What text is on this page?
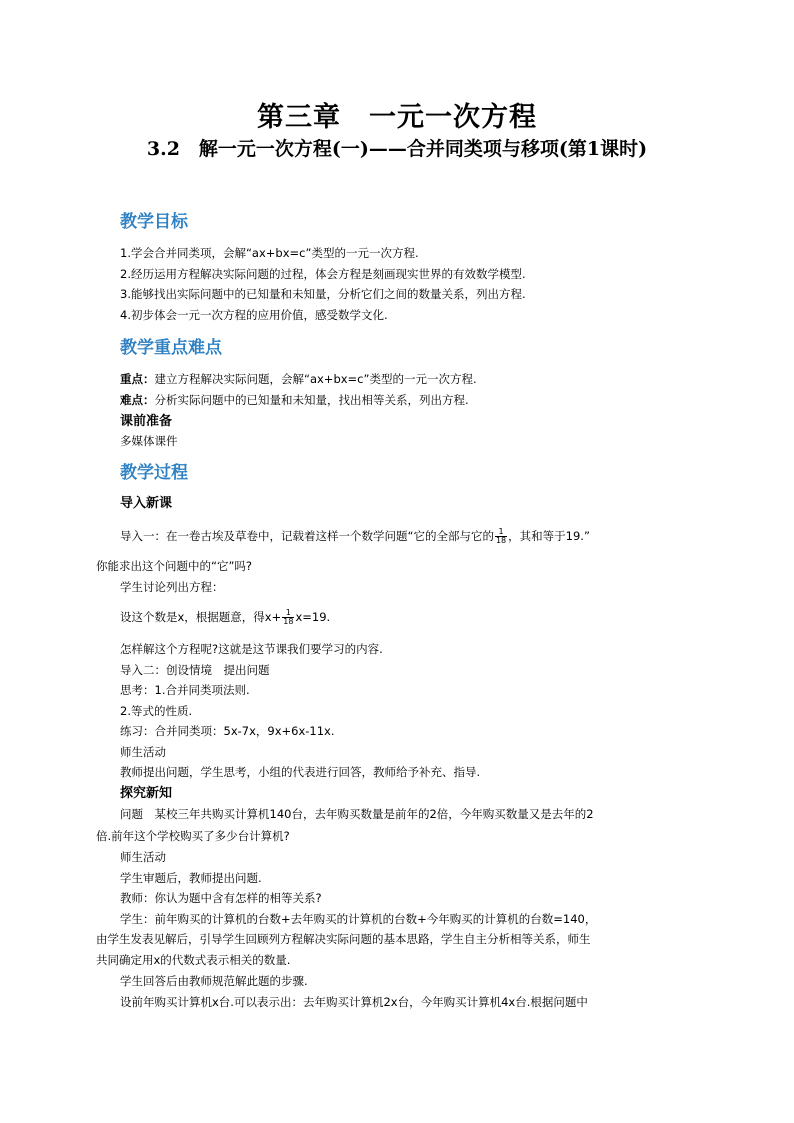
第三章　一元一次方程
3.2　解一元一次方程(一)——合并同类项与移项(第1课时)
教学目标
1.学会合并同类项，会解“ax+bx=c”类型的一元一次方程.
2.经历运用方程解决实际问题的过程，体会方程是刻画现实世界的有效数学模型.
3.能够找出实际问题中的已知量和未知量，分析它们之间的数量关系，列出方程.
4.初步体会一元一次方程的应用价值，感受数学文化.
教学重点难点
重点：建立方程解决实际问题，会解“ax+bx=c”类型的一元一次方程.
难点：分析实际问题中的已知量和未知量，找出相等关系，列出方程.
课前准备
多媒体课件
教学过程
导入新课
导入一：在一卷古埃及草卷中，记载着这样一个数学问题“它的全部与它的 $\frac{1}{18}$ ，其和等于19.”
你能求出这个问题中的“它”吗?
学生讨论列出方程：
设这个数是x，根据题意，得$x+ \frac{1}{18} x=19$.
怎样解这个方程呢?这就是这节课我们要学习的内容.
导入二：创设情境　提出问题
思考：1.合并同类项法则.
2.等式的性质.
练习：合并同类项：5x-7x，9x+6x-11x.
师生活动
教师提出问题，学生思考，小组的代表进行回答，教师给予补充、指导.
探究新知
问题　某校三年共购买计算机140台，去年购买数量是前年的2倍，今年购买数量又是去年的2
倍.前年这个学校购买了多少台计算机?
师生活动
学生审题后，教师提出问题.
教师：你认为题中含有怎样的相等关系?
学生：前年购买的计算机的台数+去年购买的计算机的台数+今年购买的计算机的台数=140，
由学生发表见解后，引导学生回顾列方程解决实际问题的基本思路，学生自主分析相等关系，师生
共同确定用x的代数式表示相关的数量.
学生回答后由教师规范解此题的步骤.
设前年购买计算机x台.可以表示出：去年购买计算机2x台，今年购买计算机4x台.根据问题中
